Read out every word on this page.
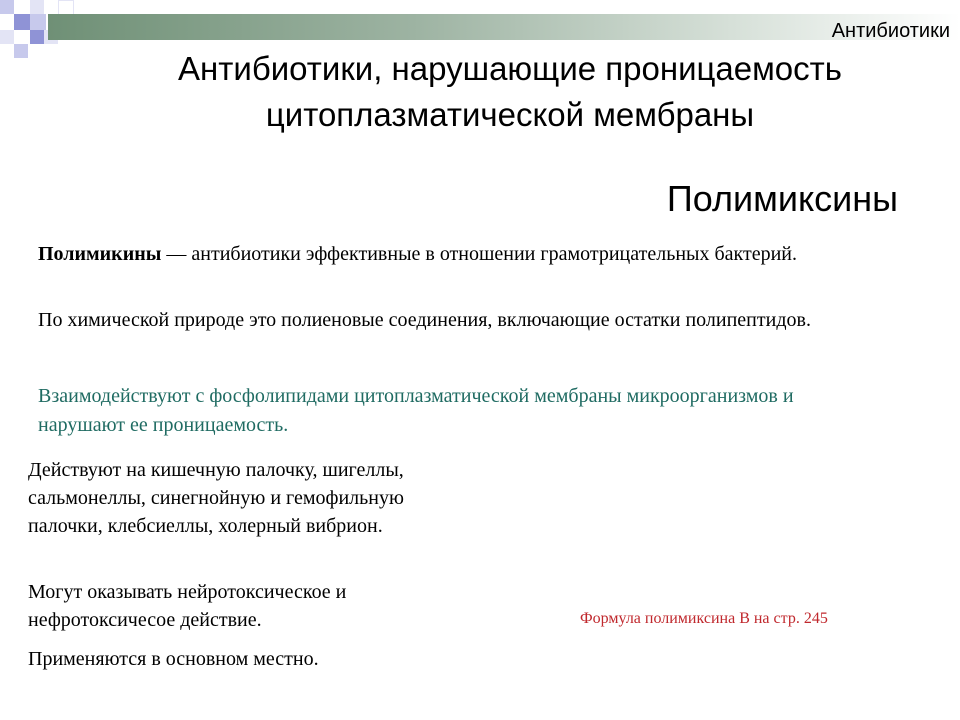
Антибиотики
Антибиотики, нарушающие проницаемость
цитоплазматической мембраны
Полимиксины

Полимикины — антибиотики эффективные в отношении грамотрицательных бактерий.

По химической природе это полиеновые соединения, включающие остатки полипептидов.

Взаимодействуют с фосфолипидами цитоплазматической мембраны микроорганизмов и нарушают ее проницаемость.

Действуют на кишечную палочку, шигеллы, сальмонеллы, синегнойную и гемофильную палочки, клебсиеллы, холерный вибрион.

Могут оказывать нейротоксическое и нефротоксичесое действие.

Применяются в основном местно.

Формула полимиксина В на стр. 245
